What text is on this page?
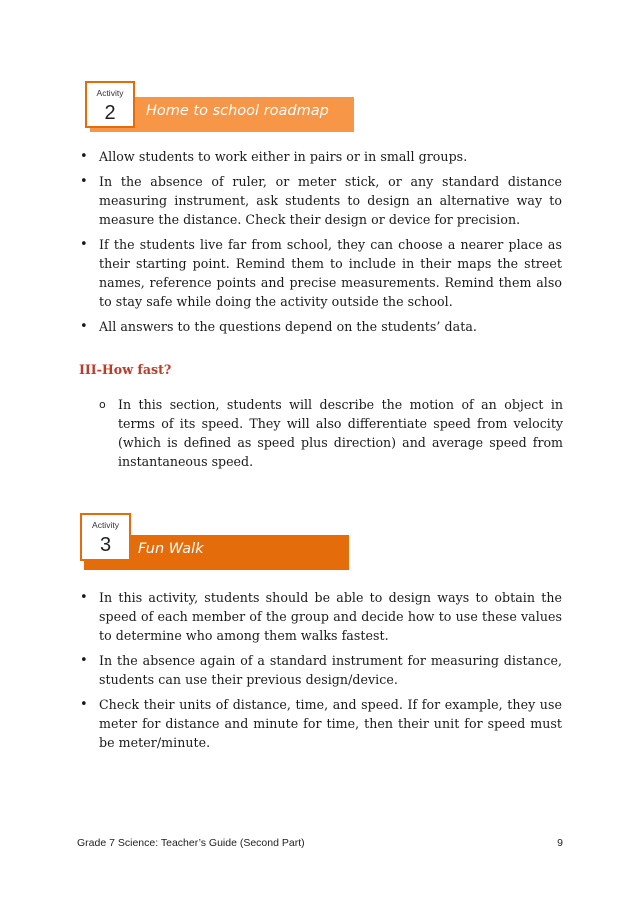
Home to school roadmap
Activity
2
• Allow students to work either in pairs or in small groups.
• In the absence of ruler, or meter stick, or any standard distance measuring instrument, ask students to design an alternative way to measure the distance. Check their design or device for precision.
• If the students live far from school, they can choose a nearer place as their starting point. Remind them to include in their maps the street names, reference points and precise measurements. Remind them also to stay safe while doing the activity outside the school.
• All answers to the questions depend on the students’ data.
III-How fast?
o In this section, students will describe the motion of an object in terms of its speed. They will also differentiate speed from velocity (which is defined as speed plus direction) and average speed from instantaneous speed.
Fun Walk
Activity
3
• In this activity, students should be able to design ways to obtain the speed of each member of the group and decide how to use these values to determine who among them walks fastest.
• In the absence again of a standard instrument for measuring distance, students can use their previous design/device.
• Check their units of distance, time, and speed. If for example, they use meter for distance and minute for time, then their unit for speed must be meter/minute.
Grade 7 Science: Teacher’s Guide (Second Part)	9
